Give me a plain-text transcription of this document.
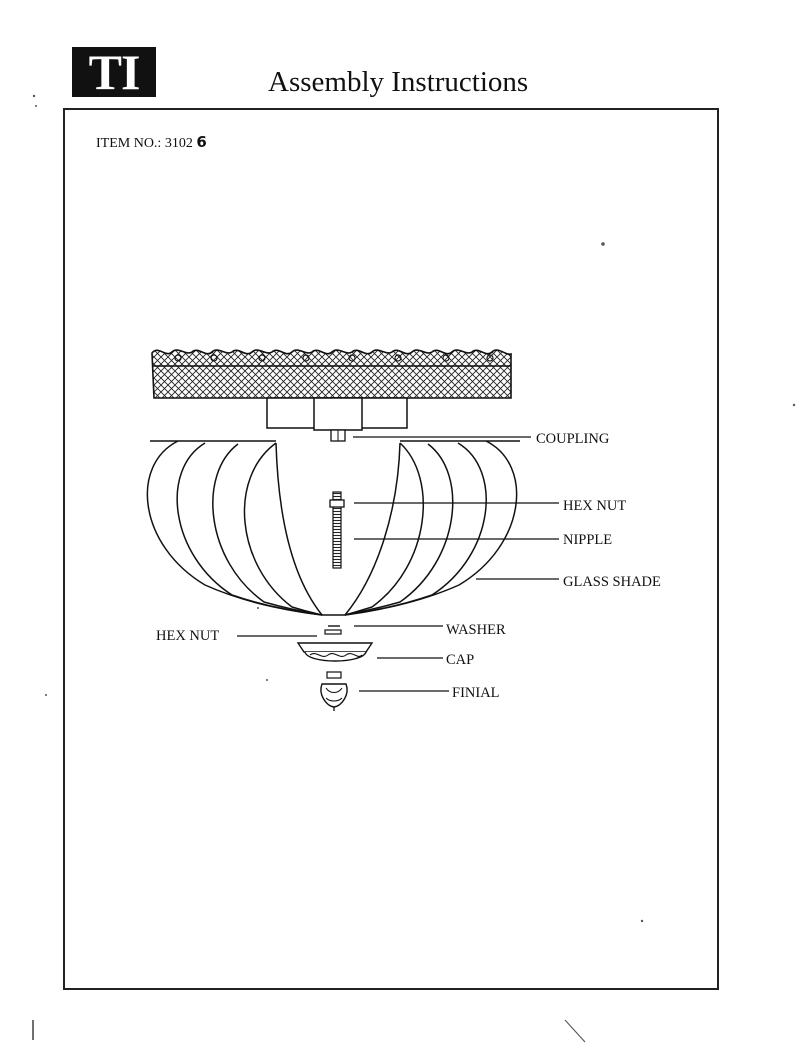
TI	Assembly Instructions
ITEM NO.: 3102 6
COUPLING
HEX NUT
NIPPLE
GLASS SHADE
HEX NUT	WASHER
CAP
FINIAL
